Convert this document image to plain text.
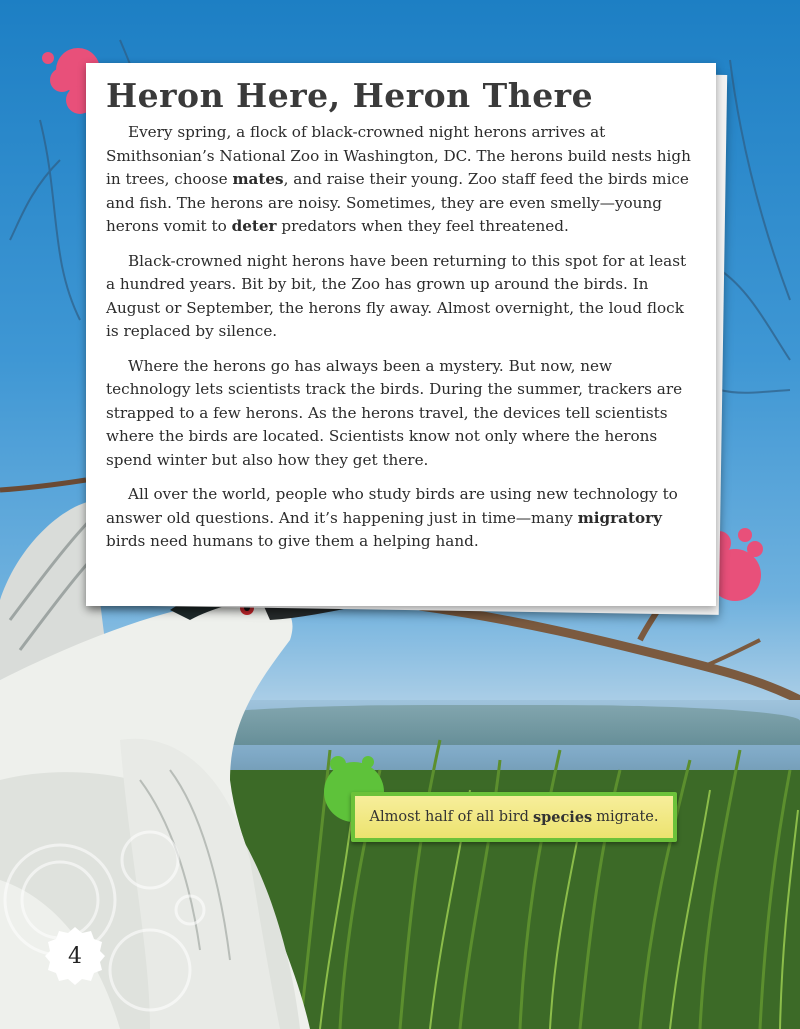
Heron Here, Heron There

Every spring, a flock of black-crowned night herons arrives at Smithsonian’s National Zoo in Washington, DC. The herons build nests high in trees, choose mates, and raise their young. Zoo staff feed the birds mice and fish. The herons are noisy. Sometimes, they are even smelly—young herons vomit to deter predators when they feel threatened.

Black-crowned night herons have been returning to this spot for at least a hundred years. Bit by bit, the Zoo has grown up around the birds. In August or September, the herons fly away. Almost overnight, the loud flock is replaced by silence.

Where the herons go has always been a mystery. But now, new technology lets scientists track the birds. During the summer, trackers are strapped to a few herons. As the herons travel, the devices tell scientists where the birds are located. Scientists know not only where the herons spend winter but also how they get there.

All over the world, people who study birds are using new technology to answer old questions. And it’s happening just in time—many migratory birds need humans to give them a helping hand.

Almost half of all bird species migrate.
4
